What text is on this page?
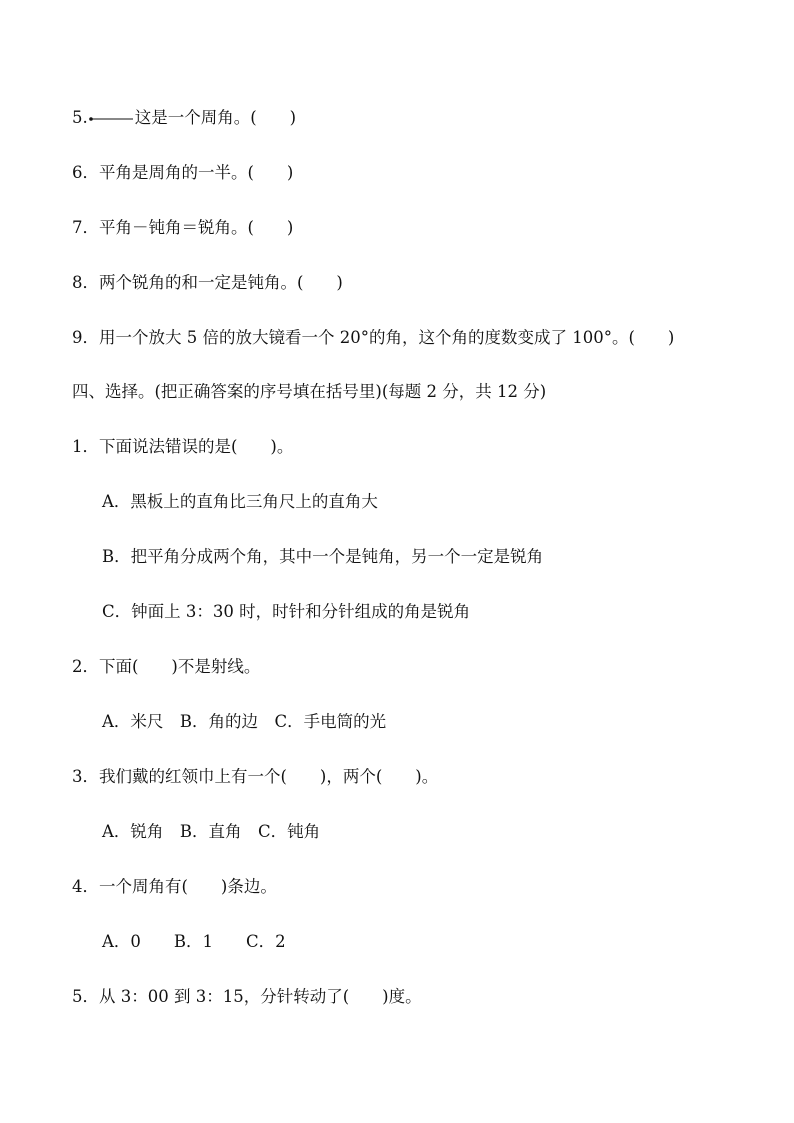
5.	这是一个周角。(　　)
6．平角是周角的一半。(　　)
7．平角－钝角＝锐角。(　　)
8．两个锐角的和一定是钝角。(　　)
9．用一个放大 5 倍的放大镜看一个 20°的角，这个角的度数变成了 100°。(　　)
四、选择。(把正确答案的序号填在括号里)(每题 2 分，共 12 分)
1．下面说法错误的是(　　)。
A．黑板上的直角比三角尺上的直角大
B．把平角分成两个角，其中一个是钝角，另一个一定是锐角
C．钟面上 3：30 时，时针和分针组成的角是锐角
2．下面(　　)不是射线。
A．米尺　B．角的边　C．手电筒的光
3．我们戴的红领巾上有一个(　　)，两个(　　)。
A．锐角　B．直角　C．钝角
4．一个周角有(　　)条边。
A．0　　B．1　　C．2
5．从 3：00 到 3：15，分针转动了(　　)度。
